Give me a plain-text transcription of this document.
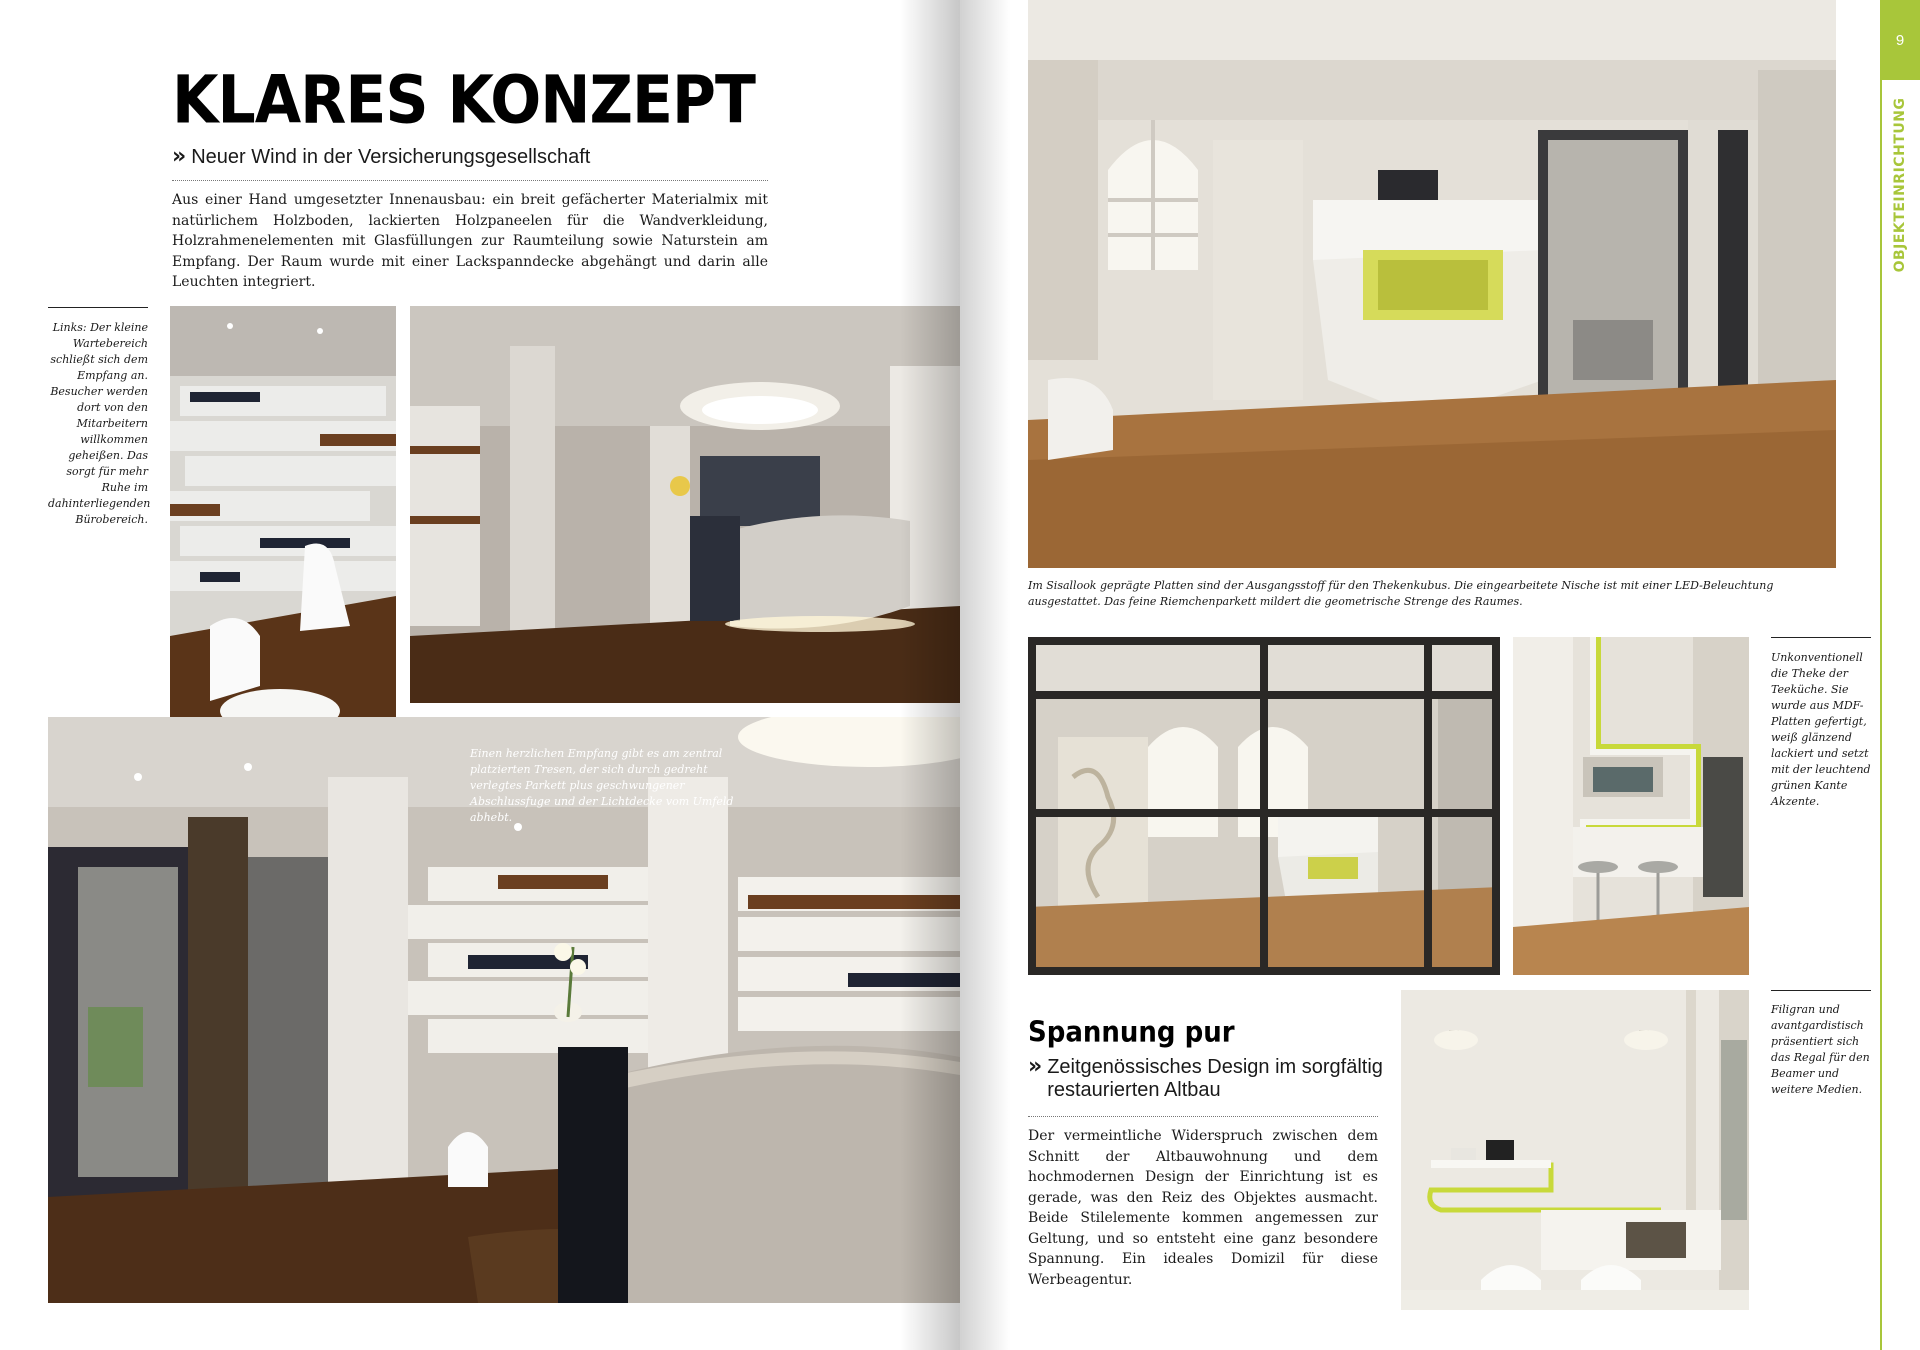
KLARES KONZEPT
» Neuer Wind in der Versicherungsgesellschaft
Aus einer Hand umgesetzter Innenausbau: ein breit gefächerter Materialmix mit natürlichem Holzboden, lackierten Holzpaneelen für die Wandverkleidung, Holzrahmenelementen mit Glasfüllungen zur Raumteilung sowie Naturstein am Empfang. Der Raum wurde mit einer Lackspanndecke abgehängt und darin alle Leuchten integriert.
Links: Der kleine Wartebereich schließt sich dem Empfang an. Besucher werden dort von den Mitarbeitern willkommen geheißen. Das sorgt für mehr Ruhe im dahinterliegenden Bürobereich.
Einen herzlichen Empfang gibt es am zentral platzierten Tresen, der sich durch gedreht verlegtes Parkett plus geschwungener Abschlussfuge und der Lichtdecke vom Umfeld abhebt.
Im Sisallook geprägte Platten sind der Ausgangsstoff für den Thekenkubus. Die eingearbeitete Nische ist mit einer LED-Beleuchtung ausgestattet. Das feine Riemchenparkett mildert die geometrische Strenge des Raumes.
Unkonventionell die Theke der Teeküche. Sie wurde aus MDF-Platten gefertigt, weiß glänzend lackiert und setzt mit der leuchtend grünen Kante Akzente.
Filigran und avantgardistisch präsentiert sich das Regal für den Beamer und weitere Medien.
Spannung pur
» Zeitgenössisches Design im sorgfältig restaurierten Altbau
Der vermeintliche Widerspruch zwischen dem Schnitt der Altbauwohnung und dem hochmodernen Design der Einrichtung ist es gerade, was den Reiz des Objektes ausmacht. Beide Stilelemente kommen angemessen zur Geltung, und so entsteht eine ganz besondere Spannung. Ein ideales Domizil für diese Werbeagentur.
9
OBJEKTEINRICHTUNG
